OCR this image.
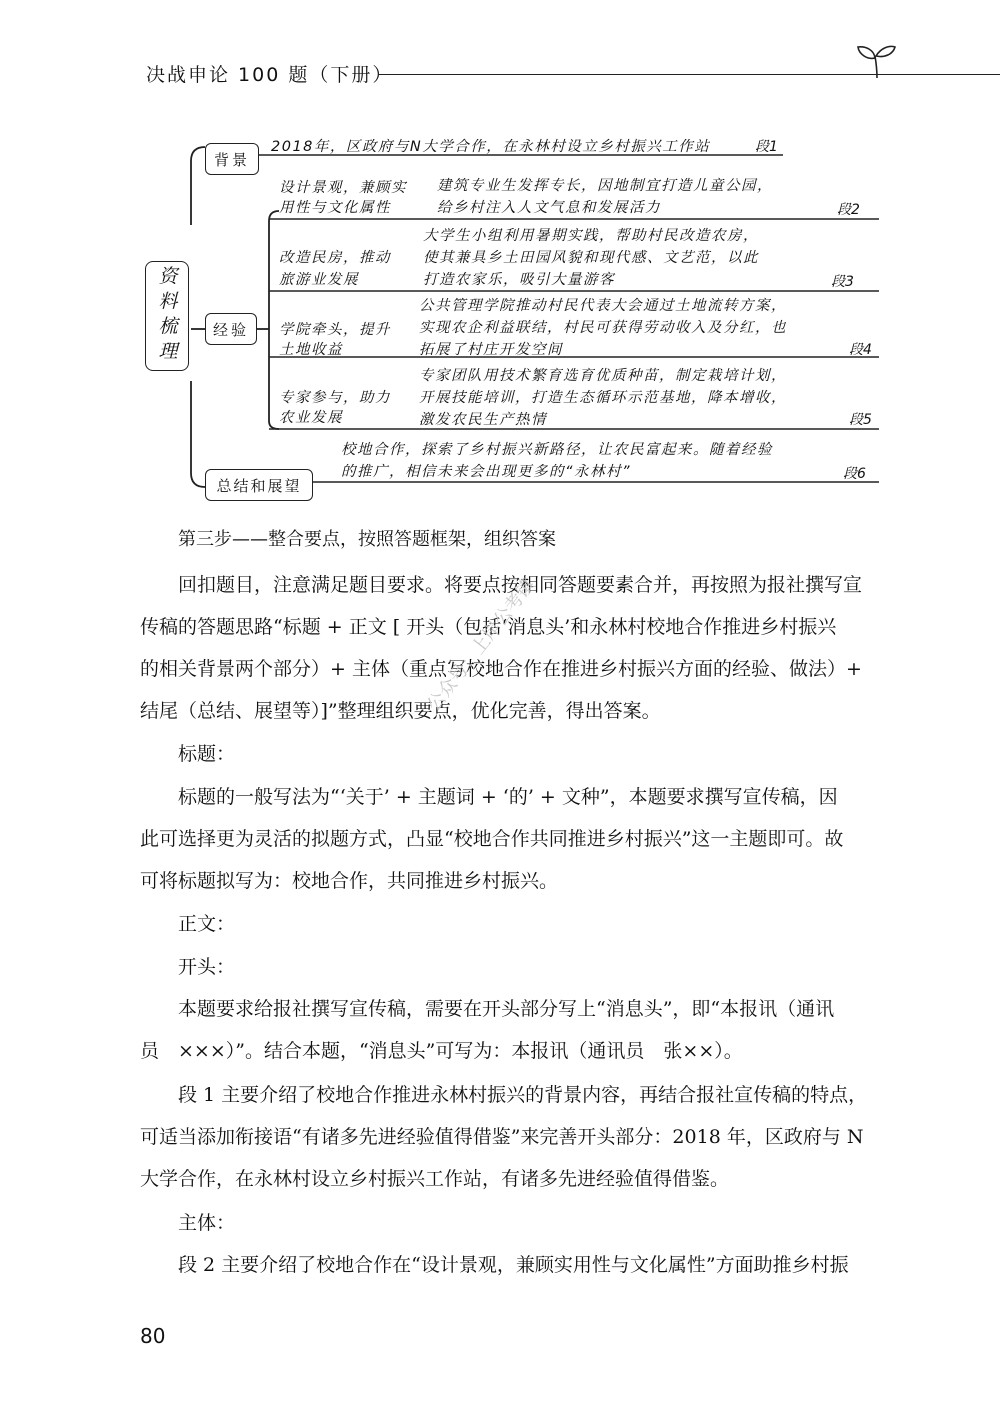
决战申论 100 题（下册）
资料梳理
背景
2018年，区政府与N大学合作，在永林村设立乡村振兴工作站	段1
经验
设计景观，兼顾实
用性与文化属性
建筑专业生发挥专长，因地制宜打造儿童公园，
给乡村注入人文气息和发展活力	段2
改造民房，推动
旅游业发展
大学生小组利用暑期实践，帮助村民改造农房，
使其兼具乡土田园风貌和现代感、文艺范，以此
打造农家乐，吸引大量游客	段3
学院牵头，提升
土地收益
公共管理学院推动村民代表大会通过土地流转方案，
实现农企利益联结，村民可获得劳动收入及分红，也
拓展了村庄开发空间	段4
专家参与，助力
农业发展
专家团队用技术繁育选育优质种苗，制定栽培计划，
开展技能培训，打造生态循环示范基地，降本增收，
激发农民生产热情	段5
总结和展望
校地合作，探索了乡村振兴新路径，让农民富起来。随着经验
的推广，相信未来会出现更多的“永林村”	段6
第三步——整合要点，按照答题框架，组织答案
回扣题目，注意满足题目要求。将要点按相同答题要素合并，再按照为报社撰写宣
传稿的答题思路“标题 + 正文 [ 开头（包括‘消息头’和永林村校地合作推进乡村振兴
的相关背景两个部分）+ 主体（重点写校地合作在推进乡村振兴方面的经验、做法）+
结尾（总结、展望等）]”整理组织要点，优化完善，得出答案。
标题：
标题的一般写法为“‘关于’ + 主题词 + ‘的’ + 文种”，本题要求撰写宣传稿，因
此可选择更为灵活的拟题方式，凸显“校地合作共同推进乡村振兴”这一主题即可。故
可将标题拟写为：校地合作，共同推进乡村振兴。
正文：
开头：
本题要求给报社撰写宣传稿，需要在开头部分写上“消息头”，即“本报讯（通讯
员　×××）”。结合本题，“消息头”可写为：本报讯（通讯员　张××）。
段 1 主要介绍了校地合作推进永林村振兴的背景内容，再结合报社宣传稿的特点，
可适当添加衔接语“有诸多先进经验值得借鉴”来完善开头部分：2018 年，区政府与 N
大学合作，在永林村设立乡村振兴工作站，有诸多先进经验值得借鉴。
主体：
段 2 主要介绍了校地合作在“设计景观，兼顾实用性与文化属性”方面助推乡村振
公众号：上岸公考镇
80
